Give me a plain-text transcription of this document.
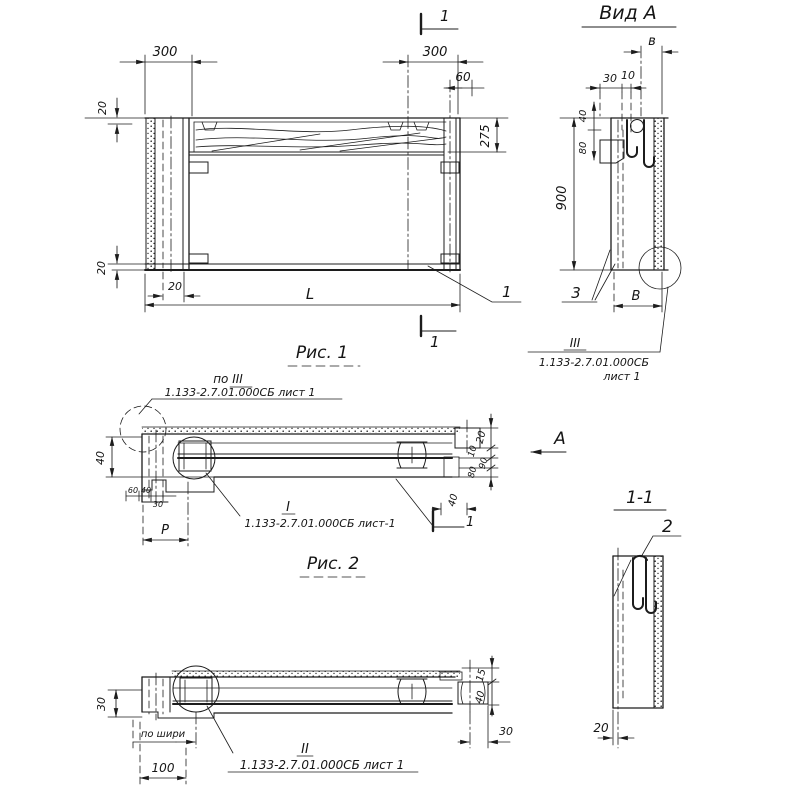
300	300
60
20
275
20
20	L	1
1
1
Рис. 1
Вид А
в
30 10
40
80
900
3	В
III
1.133-2.7.01.000СБ
лист 1
40
20
10
90
80
40
А
1
60 40
30
Р
по III
1.133-2.7.01.000СБ лист 1
I
1.133-2.7.01.000СБ лист-1
Рис. 2
1-1
2
20
30
по шири
100
15
40
30
II
1.133-2.7.01.000СБ лист 1
